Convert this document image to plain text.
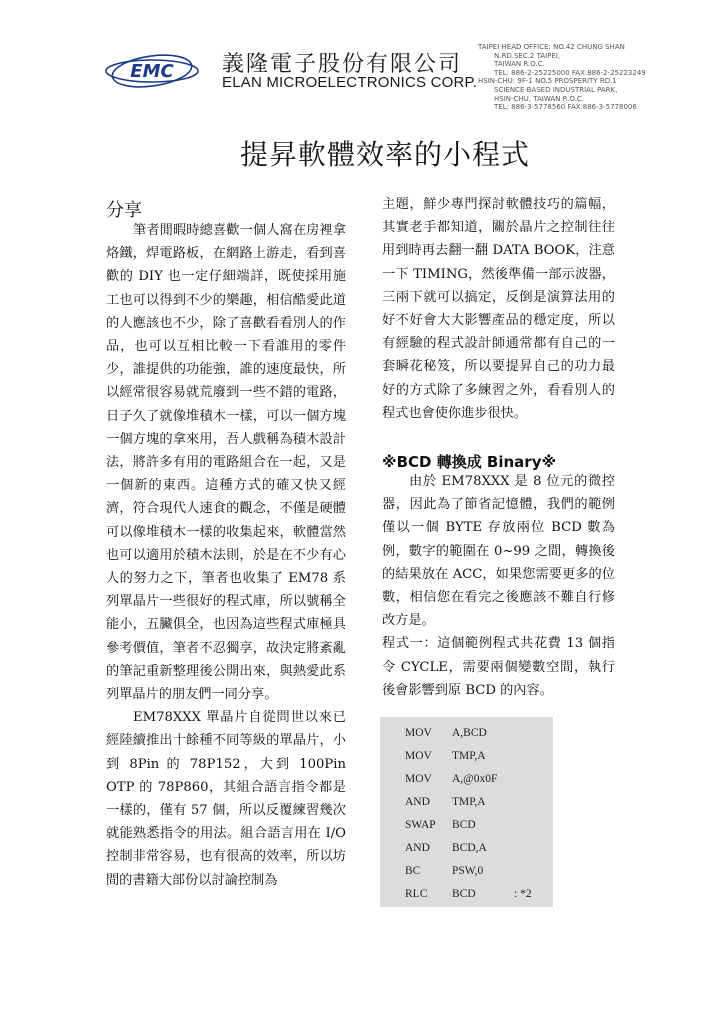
EMC 義隆電子股份有限公司
ELAN MICROELECTRONICS CORP.
TAIPEI HEAD OFFICE: NO.42 CHUNG SHAN
N.RD.SEC.2 TAIPEI,
TAIWAN R.O.C.
TEL: 886-2-25225000 FAX:886-2-25223249
HSIN-CHU: 9F-1 NO.5 PROSPERITY RD.1
SCIENCE-BASED INDUSTRIAL PARK,
HSIN-CHU, TAIWAN R.O.C.
TEL: 886-3-5778560 FAX:886-3-5778006
提昇軟體效率的小程式
分享

筆者閒暇時總喜歡一個人窩在房裡拿烙鐵，焊電路板，在網路上游走，看到喜歡的 DIY 也一定仔細端詳，既使採用施工也可以得到不少的樂趣，相信酷愛此道的人應該也不少，除了喜歡看看別人的作品，也可以互相比較一下看誰用的零件少，誰提供的功能強，誰的速度最快，所以經常很容易就荒廢到一些不錯的電路，日子久了就像堆積木一樣，可以一個方塊一個方塊的拿來用，吾人戲稱為積木設計法，將許多有用的電路組合在一起，又是一個新的東西。這種方式的確又快又經濟，符合現代人速食的觀念，不僅是硬體可以像堆積木一樣的收集起來，軟體當然也可以適用於積木法則，於是在不少有心人的努力之下，筆者也收集了 EM78 系列單晶片一些很好的程式庫，所以號稱全能小，五臟俱全，也因為這些程式庫極具參考價值，筆者不忍獨享，故決定將紊亂的筆記重新整理後公開出來，與熱愛此系列單晶片的朋友們一同分享。

EM78XXX 單晶片自從問世以來已經陸續推出十餘種不同等級的單晶片，小到 8Pin 的 78P152，大到 100Pin OTP 的 78P860，其組合語言指令都是一樣的，僅有 57 個，所以反覆練習幾次就能熟悉指令的用法。組合語言用在 I/O 控制非常容易，也有很高的效率，所以坊間的書籍大部份以討論控制為

主題，鮮少專門探討軟體技巧的篇幅，其實老手都知道，關於晶片之控制往往用到時再去翻一翻 DATA BOOK，注意一下 TIMING，然後準備一部示波器，三兩下就可以搞定，反倒是演算法用的好不好會大大影響產品的穩定度，所以有經驗的程式設計師通常都有自己的一套瞬花秘笈，所以要提昇自己的功力最好的方式除了多練習之外，看看別人的程式也會使你進步很快。

※BCD 轉換成 Binary※

由於 EM78XXX 是 8 位元的微控器，因此為了節省記憶體，我們的範例僅以一個 BYTE 存放兩位 BCD 數為例，數字的範圍在 0~99 之間，轉換後的結果放在 ACC，如果您需要更多的位數，相信您在看完之後應該不難自行修改方是。

程式一：這個範例程式共花費 13 個指令 CYCLE，需要兩個變數空間，執行後會影響到原 BCD 的內容。

MOV A,BCD
MOV TMP,A
MOV A,@0x0F
AND TMP,A
SWAP BCD
AND BCD,A
BC	PSW,0
RLC BCD	: *2
